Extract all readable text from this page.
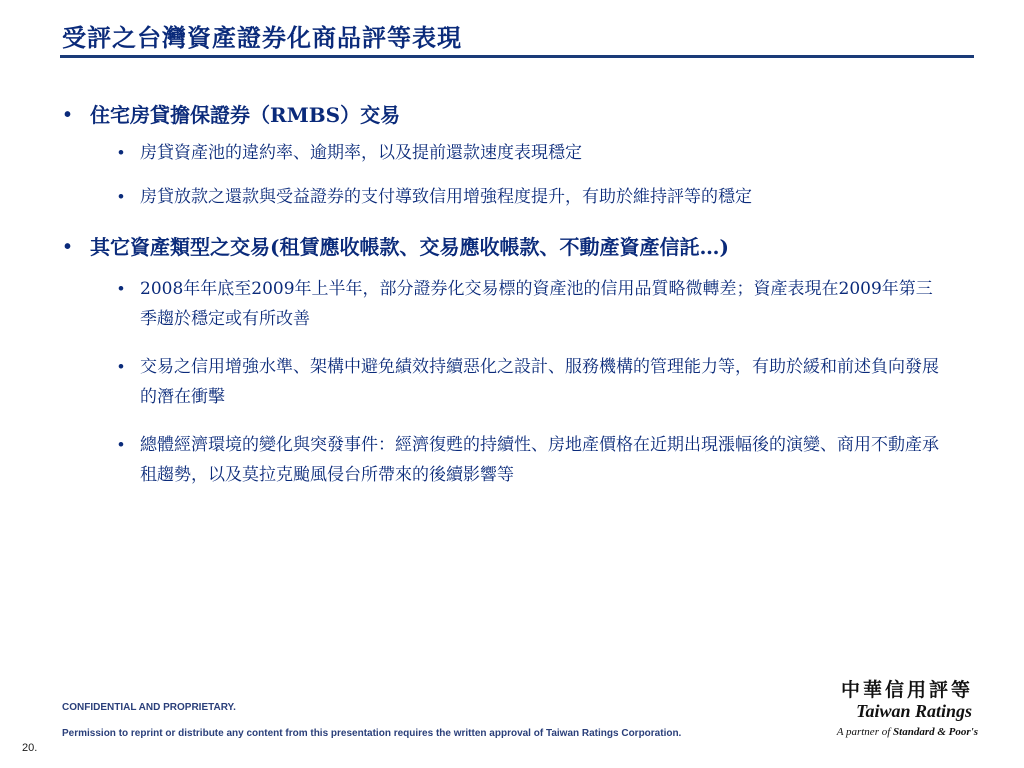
受評之台灣資產證券化商品評等表現
• 住宅房貸擔保證券（RMBS）交易
• 房貸資產池的違約率、逾期率，以及提前還款速度表現穩定
• 房貸放款之還款與受益證券的支付導致信用增強程度提升，有助於維持評等的穩定
• 其它資產類型之交易(租賃應收帳款、交易應收帳款、不動產資產信託…)
• 2008年年底至2009年上半年，部分證券化交易標的資產池的信用品質略微轉差；資產表現在2009年第三季趨於穩定或有所改善
• 交易之信用增強水準、架構中避免績效持續惡化之設計、服務機構的管理能力等，有助於緩和前述負向發展的潛在衝擊
• 總體經濟環境的變化與突發事件：經濟復甦的持續性、房地產價格在近期出現漲幅後的演變、商用不動產承租趨勢，以及莫拉克颱風侵台所帶來的後續影響等
CONFIDENTIAL AND PROPRIETARY.
Permission to reprint or distribute any content from this presentation requires the written approval of Taiwan Ratings Corporation.
20.
中華信用評等
Taiwan Ratings
A partner of Standard & Poor's
